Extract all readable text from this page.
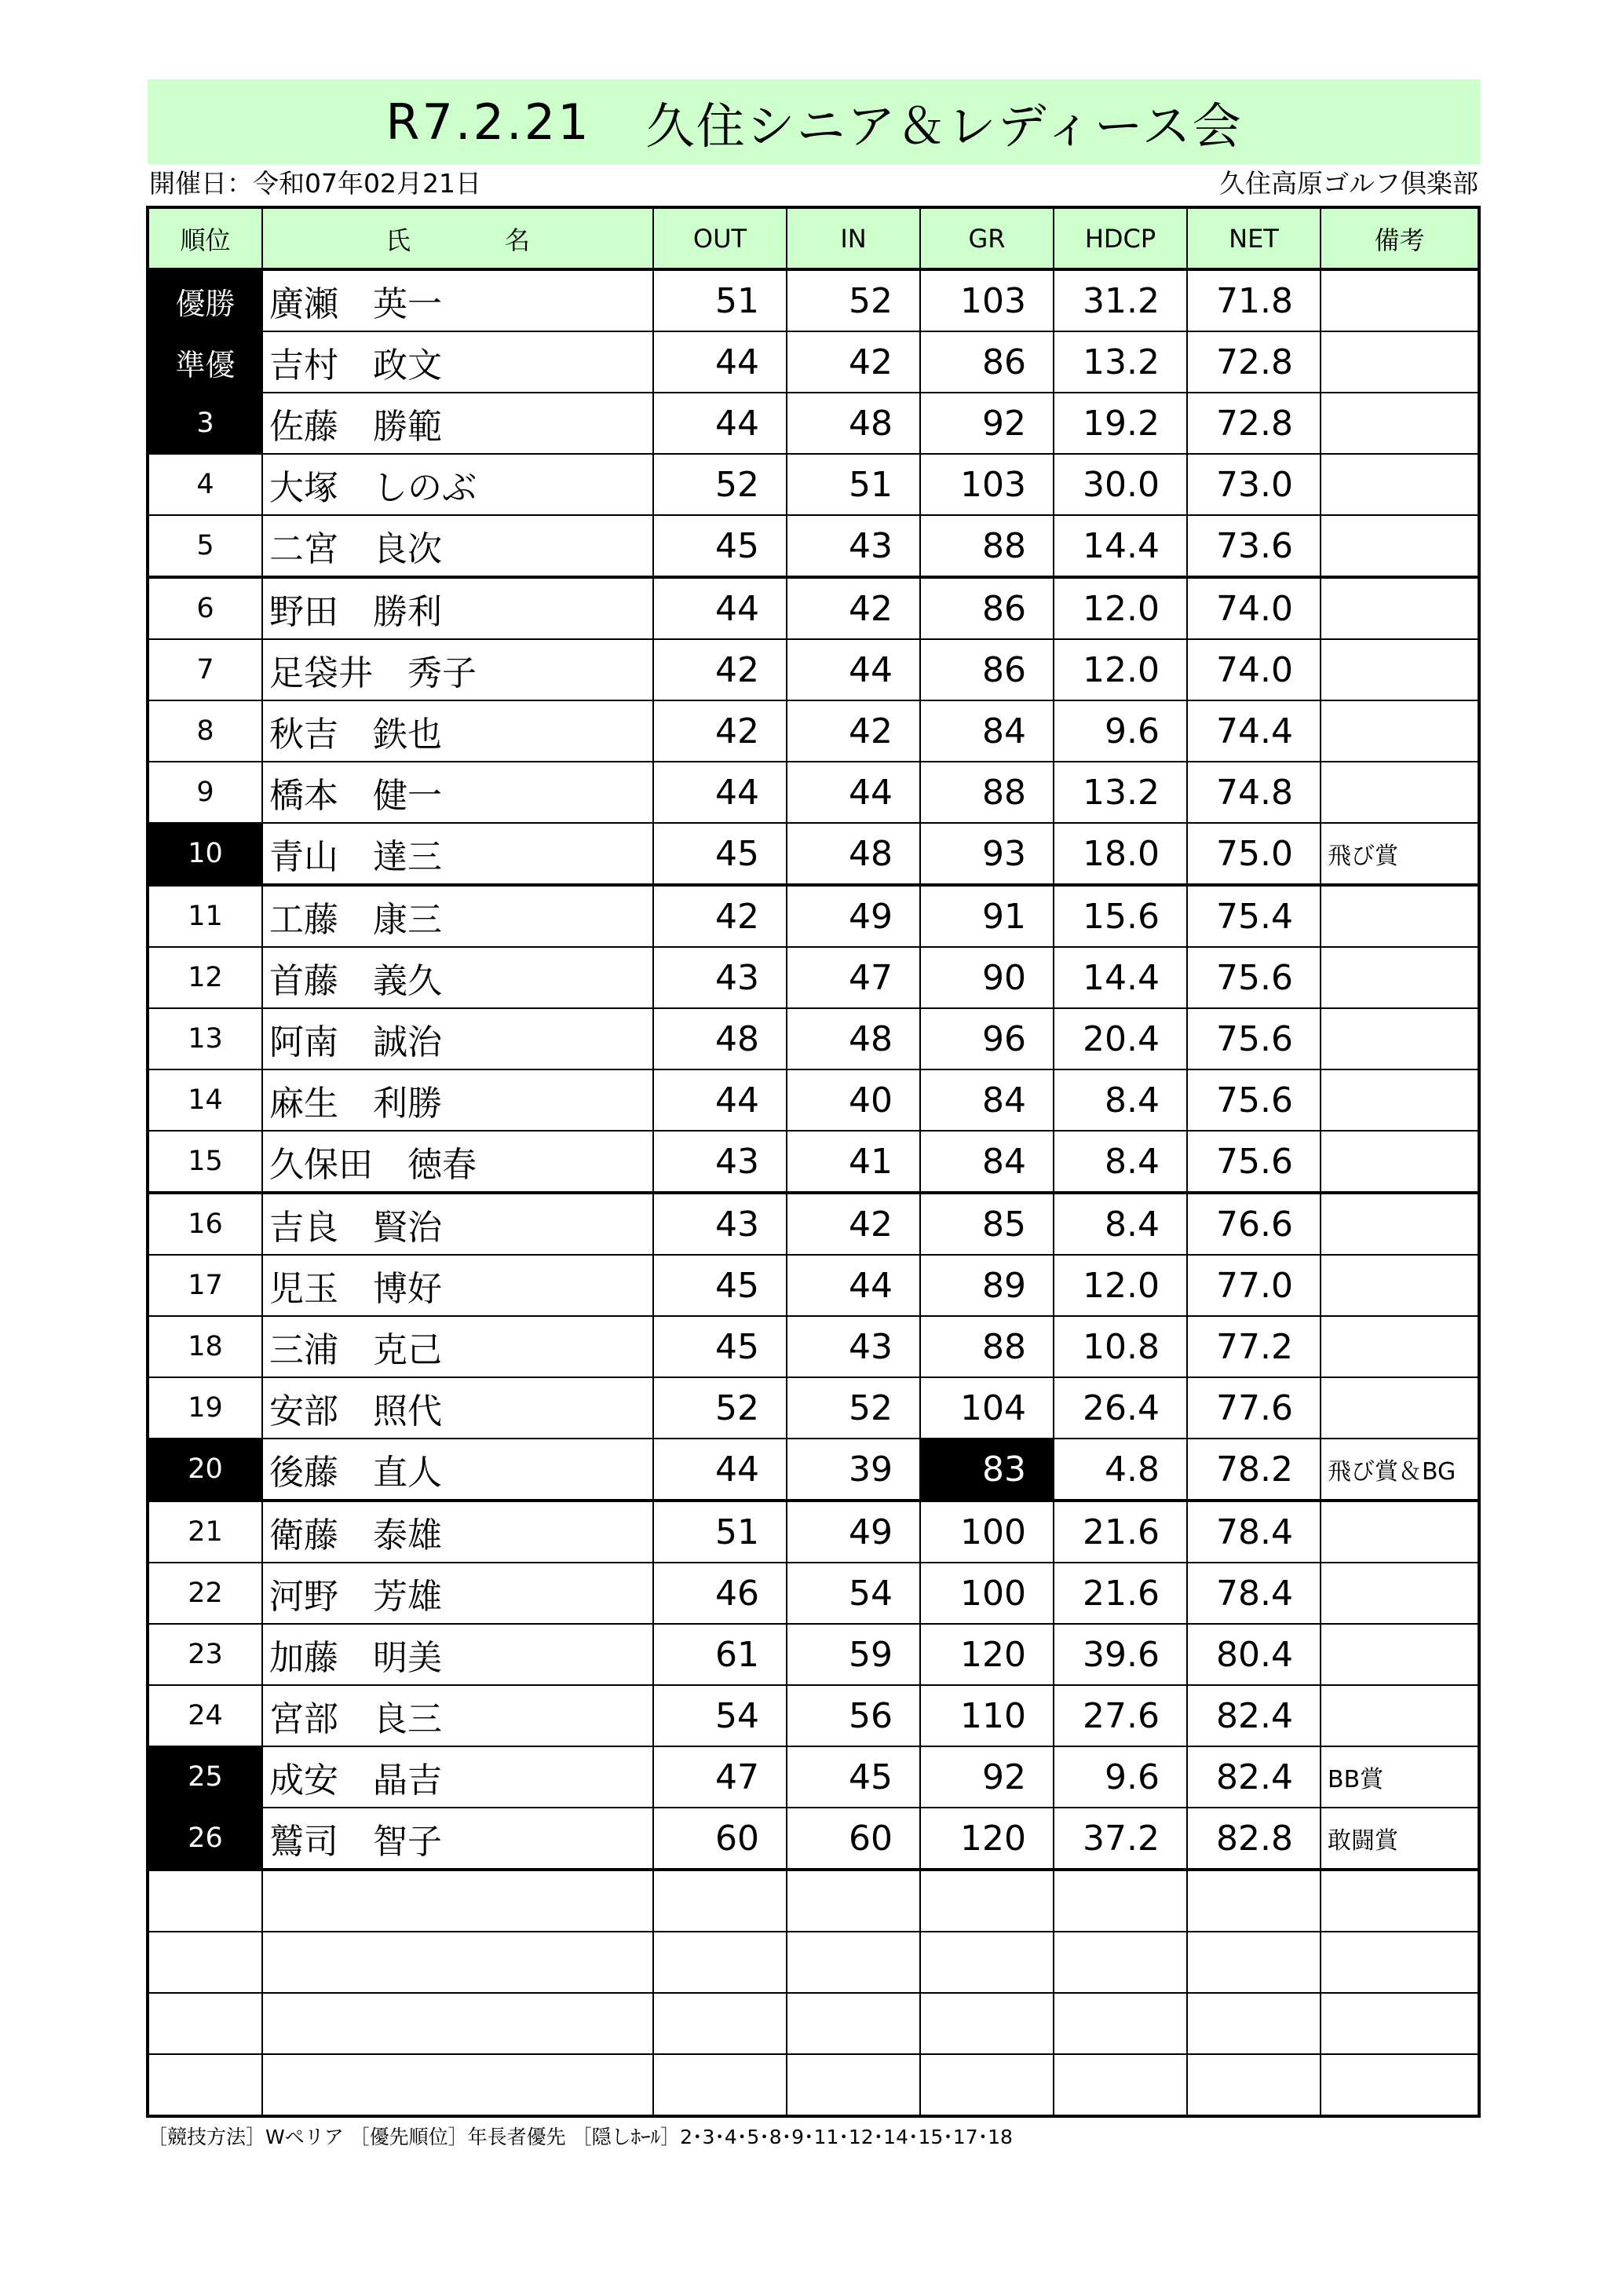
R7.2.21 久住シニア＆レディース会
開催日：令和07年02月21日	久住高原ゴルフ倶楽部
順位	氏名	OUT	IN	GR	HDCP	NET	備考
優勝	廣瀬　英一	51	52	103	31.2	71.8	
準優	吉村　政文	44	42	86	13.2	72.8	
3	佐藤　勝範	44	48	92	19.2	72.8	
4	大塚　しのぶ	52	51	103	30.0	73.0	
5	二宮　良次	45	43	88	14.4	73.6	
6	野田　勝利	44	42	86	12.0	74.0	
7	足袋井　秀子	42	44	86	12.0	74.0	
8	秋吉　鉄也	42	42	84	9.6	74.4	
9	橋本　健一	44	44	88	13.2	74.8	
10	青山　達三	45	48	93	18.0	75.0	飛び賞
11	工藤　康三	42	49	91	15.6	75.4	
12	首藤　義久	43	47	90	14.4	75.6	
13	阿南　誠治	48	48	96	20.4	75.6	
14	麻生　利勝	44	40	84	8.4	75.6	
15	久保田　徳春	43	41	84	8.4	75.6	
16	吉良　賢治	43	42	85	8.4	76.6	
17	児玉　博好	45	44	89	12.0	77.0	
18	三浦　克己	45	43	88	10.8	77.2	
19	安部　照代	52	52	104	26.4	77.6	
20	後藤　直人	44	39	83	4.8	78.2	飛び賞＆BG
21	衛藤　泰雄	51	49	100	21.6	78.4	
22	河野　芳雄	46	54	100	21.6	78.4	
23	加藤　明美	61	59	120	39.6	80.4	
24	宮部　良三	54	56	110	27.6	82.4	
25	成安　晶吉	47	45	92	9.6	82.4	BB賞
26	鷲司　智子	60	60	120	37.2	82.8	敢闘賞

［競技方法］Wペリア ［優先順位］年長者優先 ［隠しﾎｰﾙ］2･3･4･5･8･9･11･12･14･15･17･18
